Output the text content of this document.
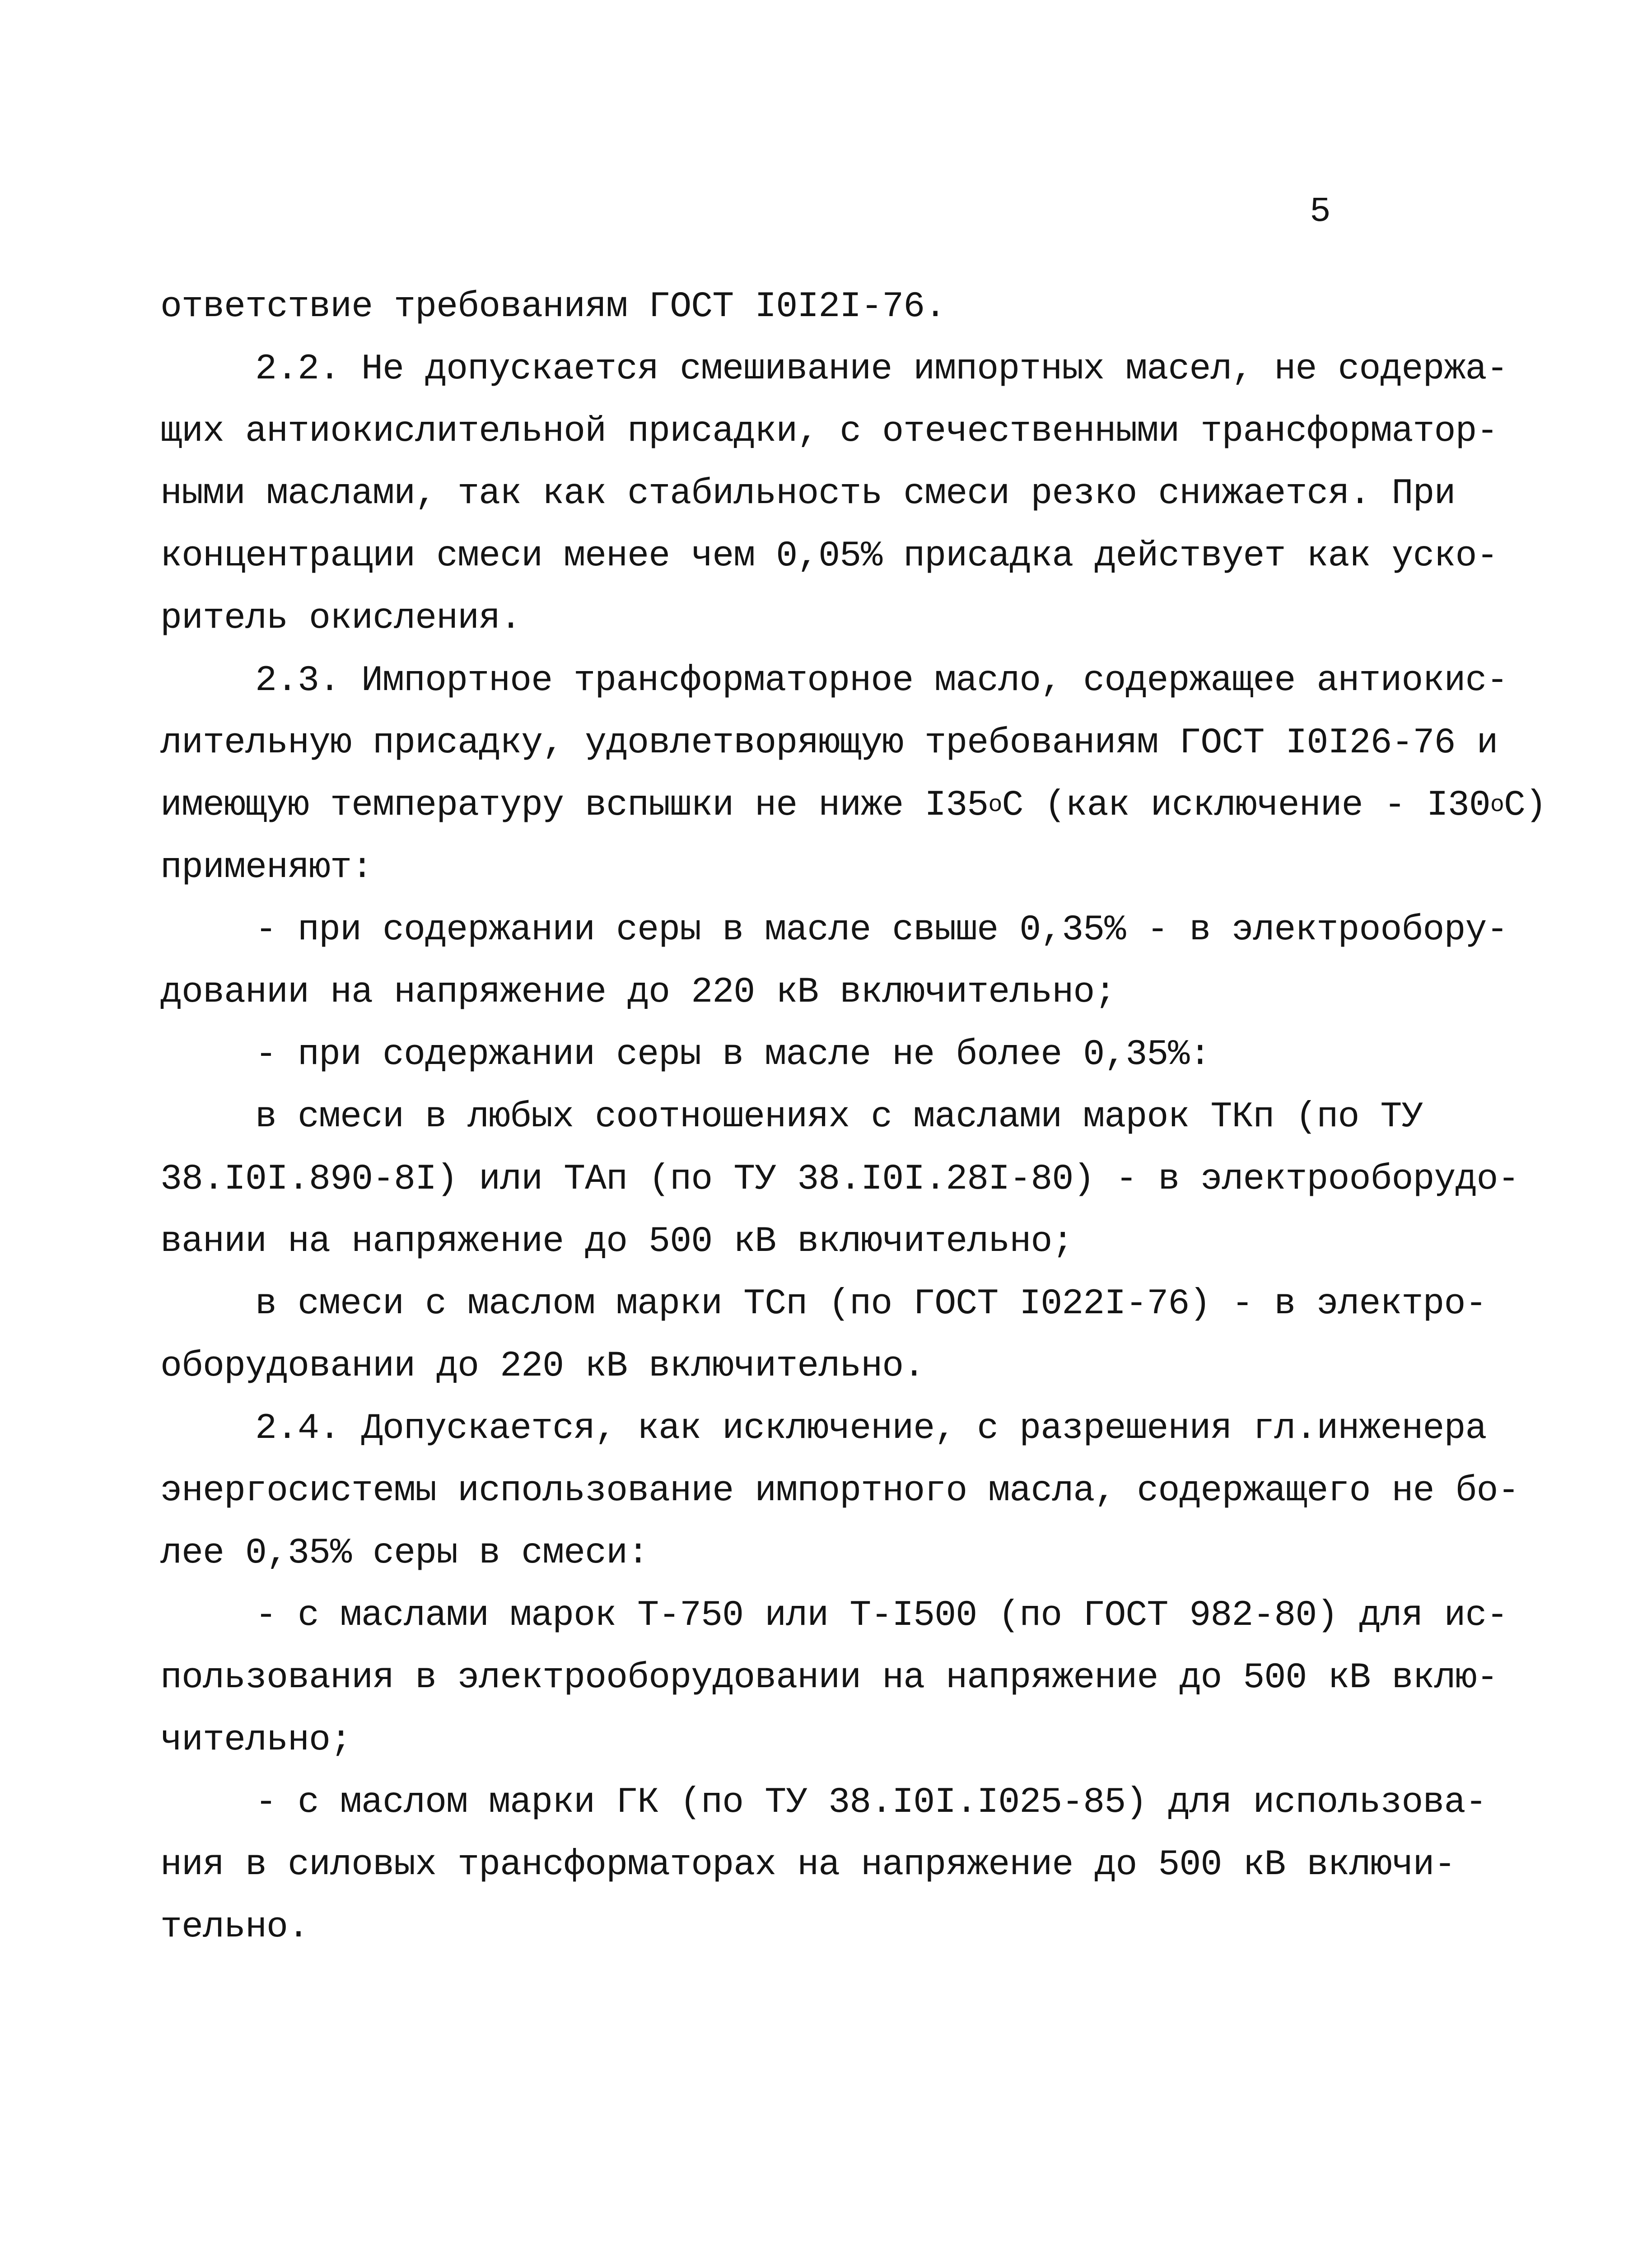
5
ответствие требованиям ГОСТ I0I2I-76.
2.2. Не допускается смешивание импортных масел, не содержа-
щих антиокислительной присадки, с отечественными трансформатор-
ными маслами, так как стабильность смеси резко снижается. При
концентрации смеси менее чем 0,05% присадка действует как уско-
ритель окисления.
2.3. Импортное трансформаторное масло, содержащее антиокис-
лительную присадку, удовлетворяющую требованиям ГОСТ I0I26-76 и
имеющую температуру вспышки не ниже $I35^оС$ (как исключение - $I30^оС$)
применяют:
- при содержании серы в масле свыше 0,35% - в электрообору-
довании на напряжение до 220 кВ включительно;
- при содержании серы в масле не более 0,35%:
в смеси в любых соотношениях с маслами марок ТКп (по ТУ
38.I0I.890-8I) или ТАп (по ТУ 38.I0I.28I-80) - в электрооборудо-
вании на напряжение до 500 кВ включительно;
в смеси с маслом марки ТСп (по ГОСТ I022I-76) - в электро-
оборудовании до 220 кВ включительно.
2.4. Допускается, как исключение, с разрешения гл.инженера
энергосистемы использование импортного масла, содержащего не бо-
лее 0,35% серы в смеси:
- с маслами марок Т-750 или Т-I500 (по ГОСТ 982-80) для ис-
пользования в электрооборудовании на напряжение до 500 кВ вклю-
чительно;
- с маслом марки ГК (по ТУ 38.I0I.I025-85) для использова-
ния в силовых трансформаторах на напряжение до 500 кВ включи-
тельно.
